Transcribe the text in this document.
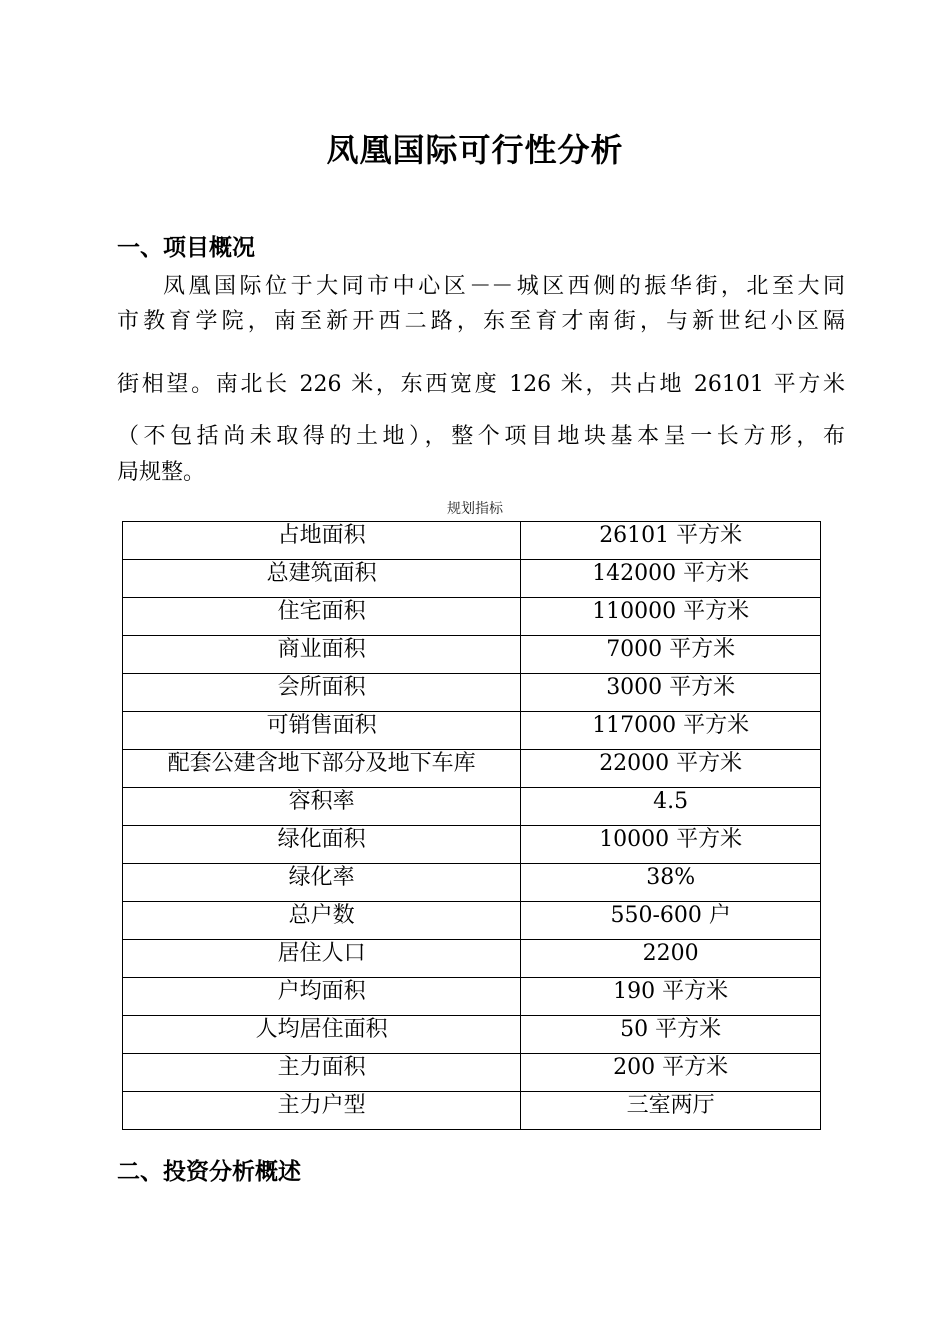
凤凰国际可行性分析
一、项目概况
凤凰国际位于大同市中心区－－城区西侧的振华街，北至大同
市教育学院，南至新开西二路，东至育才南街，与新世纪小区隔
街相望。南北长 226 米，东西宽度 126 米，共占地 26101 平方米
（不包括尚未取得的土地），整个项目地块基本呈一长方形，布
局规整。
规划指标
占地面积	26101 平方米
总建筑面积	142000 平方米
住宅面积	110000 平方米
商业面积	7000 平方米
会所面积	3000 平方米
可销售面积	117000 平方米
配套公建含地下部分及地下车库	22000 平方米
容积率	4.5
绿化面积	10000 平方米
绿化率	38%
总户数	550-600 户
居住人口	2200
户均面积	190 平方米
人均居住面积	50 平方米
主力面积	200 平方米
主力户型	三室两厅
二、投资分析概述
